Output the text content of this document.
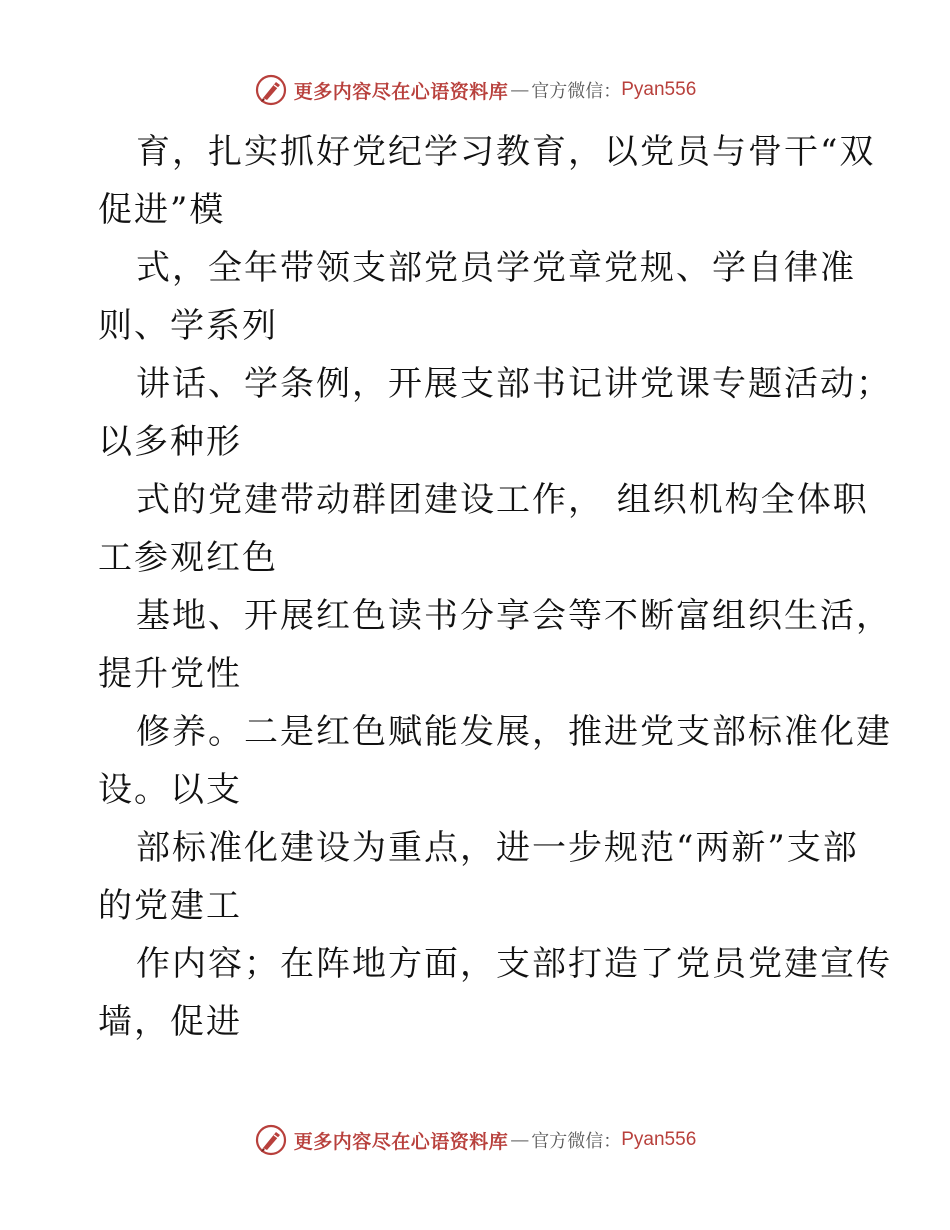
更多内容尽在心语资料库 — 官方微信： Pyan556
育，扎实抓好党纪学习教育，以党员与骨干“双
促进”模
式，全年带领支部党员学党章党规、学自律准
则、学系列
讲话、学条例，开展支部书记讲党课专题活动；
以多种形
式的党建带动群团建设工作， 组织机构全体职
工参观红色
基地、开展红色读书分享会等不断富组织生活，
提升党性
修养。二是红色赋能发展，推进党支部标准化建
设。以支
部标准化建设为重点，进一步规范“两新”支部
的党建工
作内容；在阵地方面，支部打造了党员党建宣传
墙，促进
更多内容尽在心语资料库 — 官方微信： Pyan556
